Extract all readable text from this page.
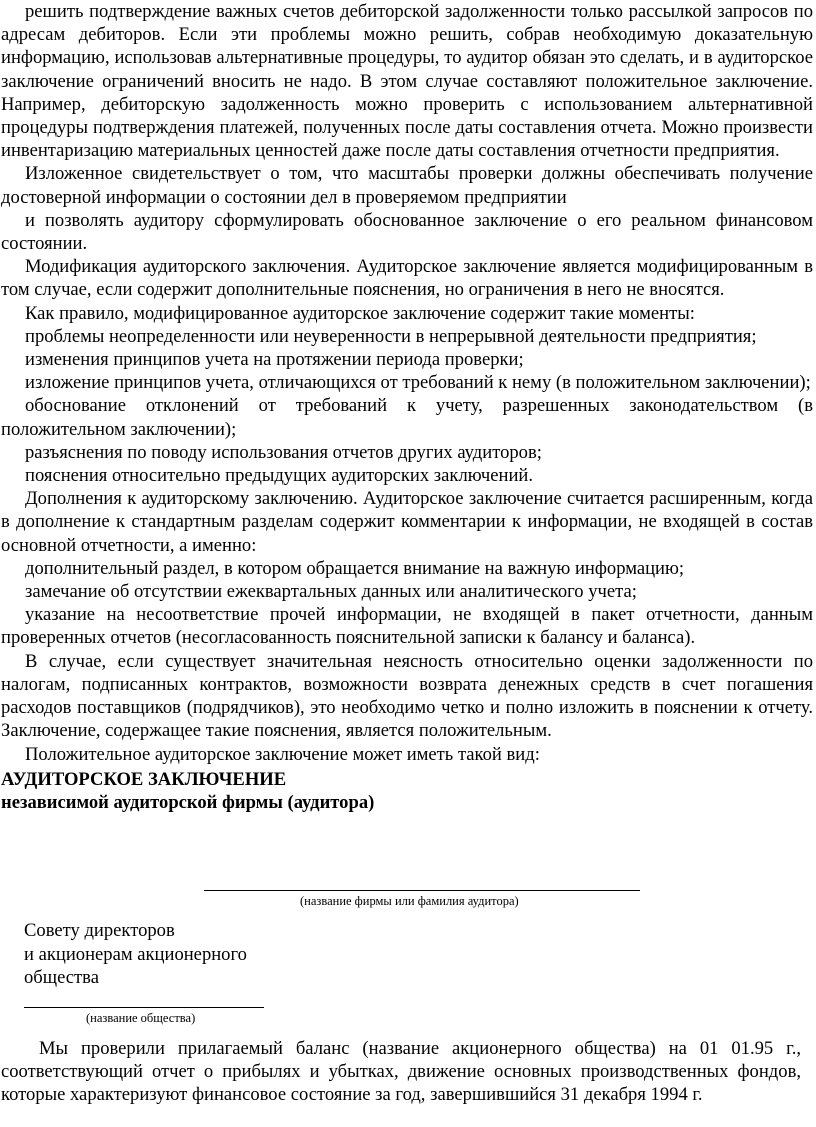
решить подтверждение важных счетов дебиторской задолженности только рассылкой запросов по адресам дебиторов. Если эти проблемы можно решить, собрав необходимую доказательную информацию, использовав альтернативные процедуры, то аудитор обязан это сделать, и в аудиторское заключение ограничений вносить не надо. В этом случае составляют положительное заключение. Например, дебиторскую задолженность можно проверить с использованием альтернативной процедуры подтверждения платежей, полученных после даты составления отчета. Можно произвести инвентаризацию материальных ценностей даже после даты составления отчетности предприятия.

Изложенное свидетельствует о том, что масштабы проверки должны обеспечивать получение достоверной информации о состоянии дел в проверяемом предприятии

и позволять аудитору сформулировать обоснованное заключение о его реальном финансовом состоянии.

Модификация аудиторского заключения. Аудиторское заключение является модифицированным в том случае, если содержит дополнительные пояснения, но ограничения в него не вносятся.

Как правило, модифицированное аудиторское заключение содержит такие моменты:

проблемы неопределенности или неуверенности в непрерывной деятельности предприятия;

изменения принципов учета на протяжении периода проверки;

изложение принципов учета, отличающихся от требований к нему (в положительном заключении);

обоснование отклонений от требований к учету, разрешенных законодательством (в положительном заключении);

разъяснения по поводу использования отчетов других аудиторов;

пояснения относительно предыдущих аудиторских заключений.

Дополнения к аудиторскому заключению. Аудиторское заключение считается расширенным, когда в дополнение к стандартным разделам содержит комментарии к информации, не входящей в состав основной отчетности, а именно:

дополнительный раздел, в котором обращается внимание на важную информацию;

замечание об отсутствии ежеквартальных данных или аналитического учета;

указание на несоответствие прочей информации, не входящей в пакет отчетности, данным проверенных отчетов (несогласованность пояснительной записки к балансу и баланса).

В случае, если существует значительная неясность относительно оценки задолженности по налогам, подписанных контрактов, возможности возврата денежных средств в счет погашения расходов поставщиков (подрядчиков), это необходимо четко и полно изложить в пояснении к отчету. Заключение, содержащее такие пояснения, является положительным.

Положительное аудиторское заключение может иметь такой вид:

АУДИТОРСКОЕ ЗАКЛЮЧЕНИЕ

независимой аудиторской фирмы (аудитора)

(название фирмы или фамилия аудитора)
Совету директоров
и акционерам акционерного
общества
(название общества)

Мы проверили прилагаемый баланс (название акционерного общества) на 01 01.95 г., соответствующий отчет о прибылях и убытках, движение основных производственных фондов, которые характеризуют финансовое состояние за год, завершившийся 31 декабря 1994 г.
